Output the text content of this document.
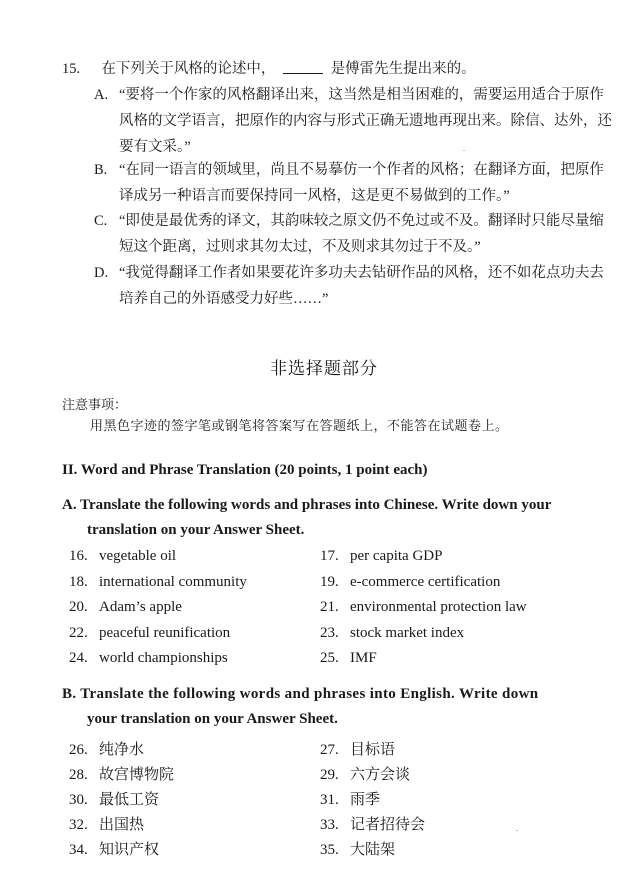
15. 在下列关于风格的论述中，	是傅雷先生提出来的。
A. “要将一个作家的风格翻译出来，这当然是相当困难的，需要运用适合于原作
风格的文学语言，把原作的内容与形式正确无遗地再现出来。除信、达外，还
要有文采。”
B. “在同一语言的领域里，尚且不易摹仿一个作者的风格；在翻译方面，把原作
译成另一种语言而要保持同一风格，这是更不易做到的工作。”
C. “即使是最优秀的译文，其韵味较之原文仍不免过或不及。翻译时只能尽量缩
短这个距离，过则求其勿太过，不及则求其勿过于不及。”
D. “我觉得翻译工作者如果要花许多功夫去钻研作品的风格，还不如花点功夫去
培养自己的外语感受力好些……”
非选择题部分
注意事项：
用黑色字迹的签字笔或钢笔将答案写在答题纸上，不能答在试题卷上。
II. Word and Phrase Translation (20 points, 1 point each)
A. Translate the following words and phrases into Chinese. Write down your
translation on your Answer Sheet.
16. vegetable oil	17. per capita GDP
18. international community	19. e-commerce certification
20. Adam’s apple	21. environmental protection law
22. peaceful reunification	23. stock market index
24. world championships	25. IMF
B. Translate the following words and phrases into English. Write down
your translation on your Answer Sheet.
26. 纯净水	27. 目标语
28. 故宫博物院	29. 六方会谈
30. 最低工资	31. 雨季
32. 出国热	33. 记者招待会
34. 知识产权	35. 大陆架
